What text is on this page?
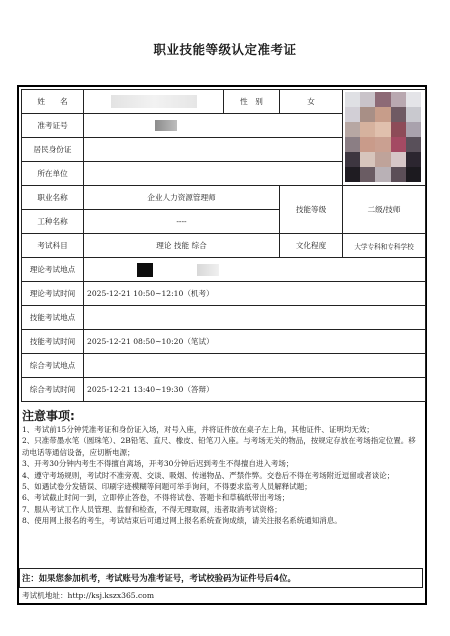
职业技能等级认定准考证
姓　　名		性　别	女	

准考证号				
居民身份证				
所在单位				
职业名称	企业人力资源管理师		技能等级	二级/技师
工种名称	----			
考试科目	理论 技能 综合		文化程度	大学专科和专科学校
理论考试地点				
理论考试时间	2025-12-21 10:50~12:10（机考）			
技能考试地点				
技能考试时间	2025-12-21 08:50~10:20（笔试）			
综合考试地点				
综合考试时间	2025-12-21 13:40~19:30（答辩）			
注意事项:

1、考试前15分钟凭准考证和身份证入场，对号入座，并将证件放在桌子左上角，其他证件、证明均无效；

2、只准带墨水笔（圆珠笔）、2B铅笔、直尺、橡皮、铅笔刀入座。与考场无关的物品，按规定存放在考场指定位置。移动电话等通信设备，应切断电源；

3、开考30分钟内考生不得擅自离场，开考30分钟后迟到考生不得擅自进入考场；

4、遵守考场规则，考试时不准旁观、交谈、吸烟、传递物品、严禁作弊。交卷后不得在考场附近逗留或者谈论；

5、如遇试卷分发错误、印刷字迹模糊等问题可举手询问，不得要求监考人员解释试题；

6、考试截止时间一到，立即停止答卷，不得将试卷、答题卡和草稿纸带出考场；

7、服从考试工作人员管理、监督和检查，不得无理取闹，违者取消考试资格；

8、使用网上报名的考生，考试结束后可通过网上报名系统查询成绩，请关注报名系统通知消息。

注：如果您参加机考，考试账号为准考证号，考试校验码为证件号后4位。
考试机地址：http://ksj.kszx365.com
